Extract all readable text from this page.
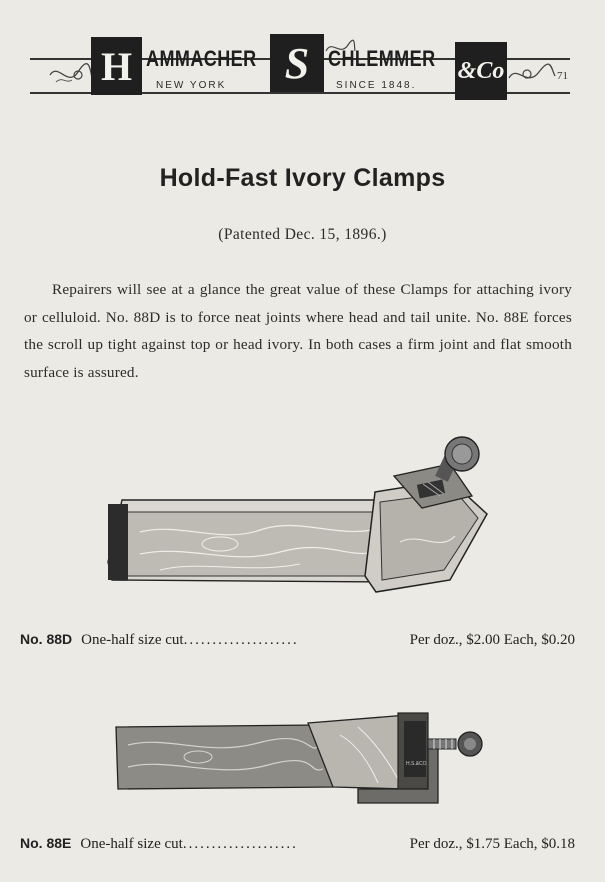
H AMMACHER
NEW YORK	S CHLEMMER
SINCE 1848.
&Co	71
Hold-Fast Ivory Clamps
(Patented Dec. 15, 1896.)
Repairers will see at a glance the great value of these Clamps for attaching ivory or celluloid. No. 88D is to force neat joints where head and tail unite. No. 88E forces the scroll up tight against top or head ivory. In both cases a firm joint and flat smooth surface is assured.
No. 88D One-half size cut ....................	Per doz., $2.00 Each, $0.20
H.S.&CO.
No. 88E One-half size cut ....................	Per doz., $1.75 Each, $0.18
